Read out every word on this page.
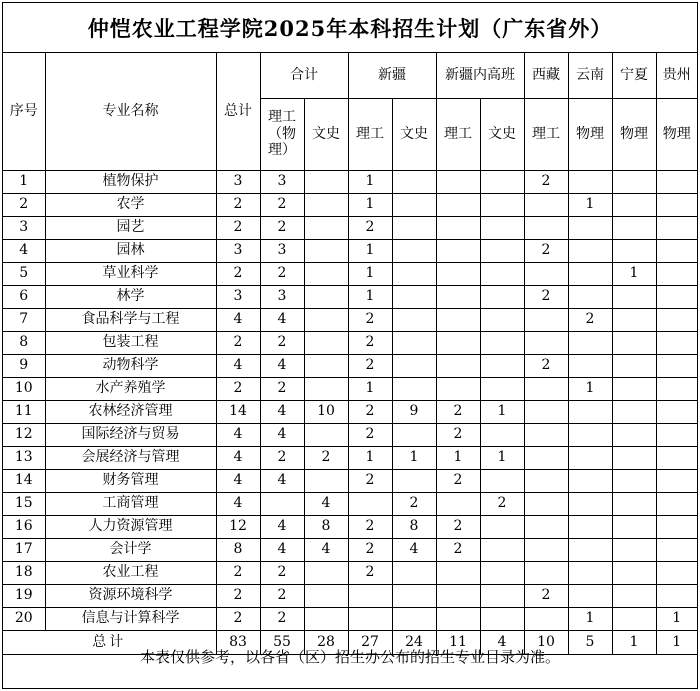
仲恺农业工程学院2025年本科招生计划（广东省外）
序号	专业名称	总计	合计		新疆		新疆内高班		西藏	云南	宁夏	贵州
			理工（物理）	文史	理工	文史	理工	文史	理工	物理	物理	物理
1	植物保护	3	3		1				2			
2	农学	2	2		1					1		
3	园艺	2	2		2							
4	园林	3	3		1				2			
5	草业科学	2	2		1						1	
6	林学	3	3		1				2			
7	食品科学与工程	4	4		2					2		
8	包装工程	2	2		2							
9	动物科学	4	4		2				2			
10	水产养殖学	2	2		1					1		
11	农林经济管理	14	4	10	2	9	2	1				
12	国际经济与贸易	4	4		2		2					
13	会展经济与管理	4	2	2	1	1	1	1				
14	财务管理	4	4		2		2					
15	工商管理	4		4		2		2				
16	人力资源管理	12	4	8	2	8	2					
17	会计学	8	4	4	2	4	2					
18	农业工程	2	2		2							
19	资源环境科学	2	2						2			
20	信息与计算科学	2	2							1		1
总计		83	55	28	27	24	11	4	10	5	1	1
本表仅供参考，以各省（区）招生办公布的招生专业目录为准。
